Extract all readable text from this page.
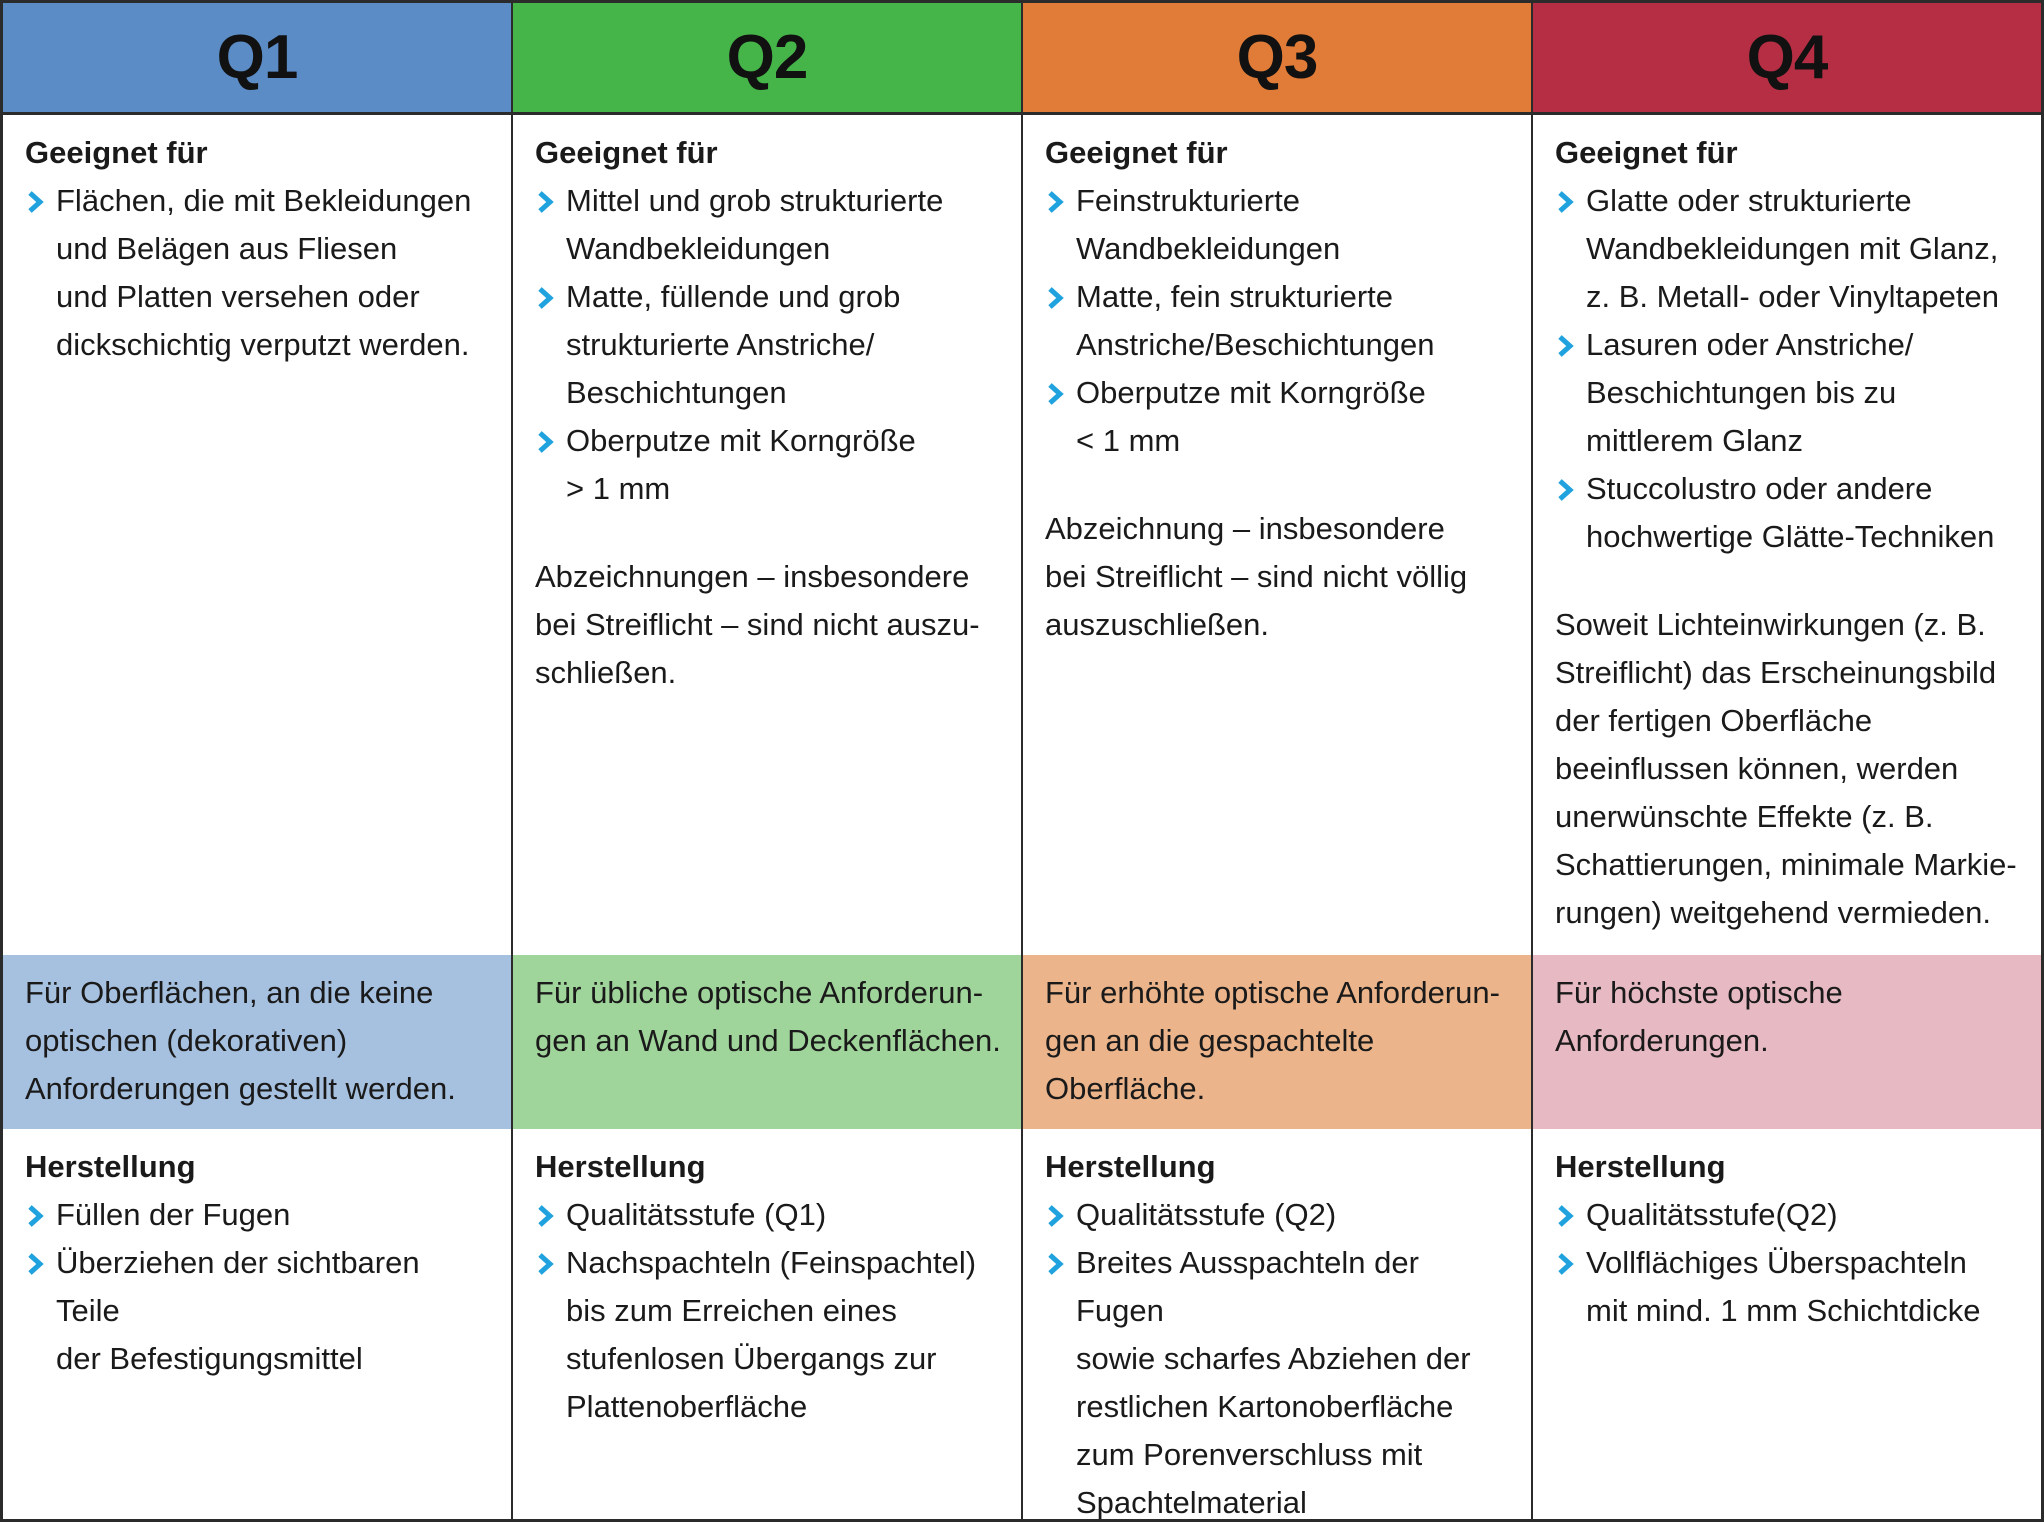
Q1	Q2	Q3	Q4
Geeignet für
Flächen, die mit Bekleidungen
und Belägen aus Fliesen
und Platten versehen oder
dickschichtig verputzt werden.
Geeignet für
Mittel und grob strukturierte
Wandbekleidungen
Matte, füllende und grob
strukturierte Anstriche/
Beschichtungen
Oberputze mit Korngröße
> 1 mm
Abzeichnungen – insbesondere
bei Streiflicht – sind nicht auszu-
schließen.
Geeignet für
Feinstrukturierte
Wandbekleidungen
Matte, fein strukturierte
Anstriche/Beschichtungen
Oberputze mit Korngröße
< 1 mm
Abzeichnung – insbesondere
bei Streiflicht – sind nicht völlig
auszuschließen.
Geeignet für
Glatte oder strukturierte
Wandbekleidungen mit Glanz,
z. B. Metall- oder Vinyltapeten
Lasuren oder Anstriche/
Beschichtungen bis zu
mittlerem Glanz
Stuccolustro oder andere
hochwertige Glätte-Techniken
Soweit Lichteinwirkungen (z. B.
Streiflicht) das Erscheinungsbild
der fertigen Oberfläche
beeinflussen können, werden
unerwünschte Effekte (z. B.
Schattierungen, minimale Markie-
rungen) weitgehend vermieden.
Für Oberflächen, an die keine
optischen (dekorativen)
Anforderungen gestellt werden.
Für übliche optische Anforderun-
gen an Wand und Deckenflächen.
Für erhöhte optische Anforderun-
gen an die gespachtelte
Oberfläche.
Für höchste optische
Anforderungen.
Herstellung
Füllen der Fugen
Überziehen der sichtbaren Teile
der Befestigungsmittel
Herstellung
Qualitätsstufe (Q1)
Nachspachteln (Feinspachtel)
bis zum Erreichen eines
stufenlosen Übergangs zur
Plattenoberfläche
Herstellung
Qualitätsstufe (Q2)
Breites Ausspachteln der Fugen
sowie scharfes Abziehen der
restlichen Kartonoberfläche
zum Porenverschluss mit
Spachtelmaterial
Herstellung
Qualitätsstufe(Q2)
Vollflächiges Überspachteln
mit mind. 1 mm Schichtdicke
